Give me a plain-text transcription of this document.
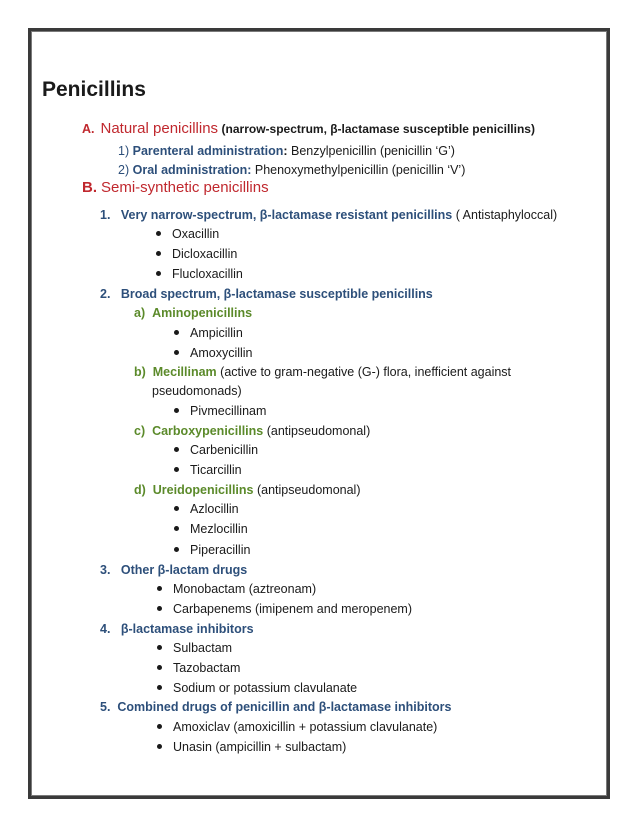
Penicillins
A. Natural penicillins (narrow-spectrum, β-lactamase susceptible penicillins)
1) Parenteral administration: Benzylpenicillin (penicillin ‘G’)
2) Oral administration: Phenoxymethylpenicillin (penicillin ‘V’)
B. Semi-synthetic penicillins
1. Very narrow-spectrum, β-lactamase resistant penicillins ( Antistaphyloccal)
Oxacillin
Dicloxacillin
Flucloxacillin
2. Broad spectrum, β-lactamase susceptible penicillins
a) Aminopenicillins
Ampicillin
Amoxycillin
b) Mecillinam (active to gram-negative (G-) flora, inefficient against
pseudomonads)
Pivmecillinam
c) Carboxypenicillins (antipseudomonal)
Carbenicillin
Ticarcillin
d) Ureidopenicillins (antipseudomonal)
Azlocillin
Mezlocillin
Piperacillin
3. Other β-lactam drugs
Monobactam (aztreonam)
Carbapenems (imipenem and meropenem)
4. β-lactamase inhibitors
Sulbactam
Tazobactam
Sodium or potassium clavulanate
5. Combined drugs of penicillin and β-lactamase inhibitors
Amoxiclav (amoxicillin + potassium clavulanate)
Unasin (ampicillin + sulbactam)
